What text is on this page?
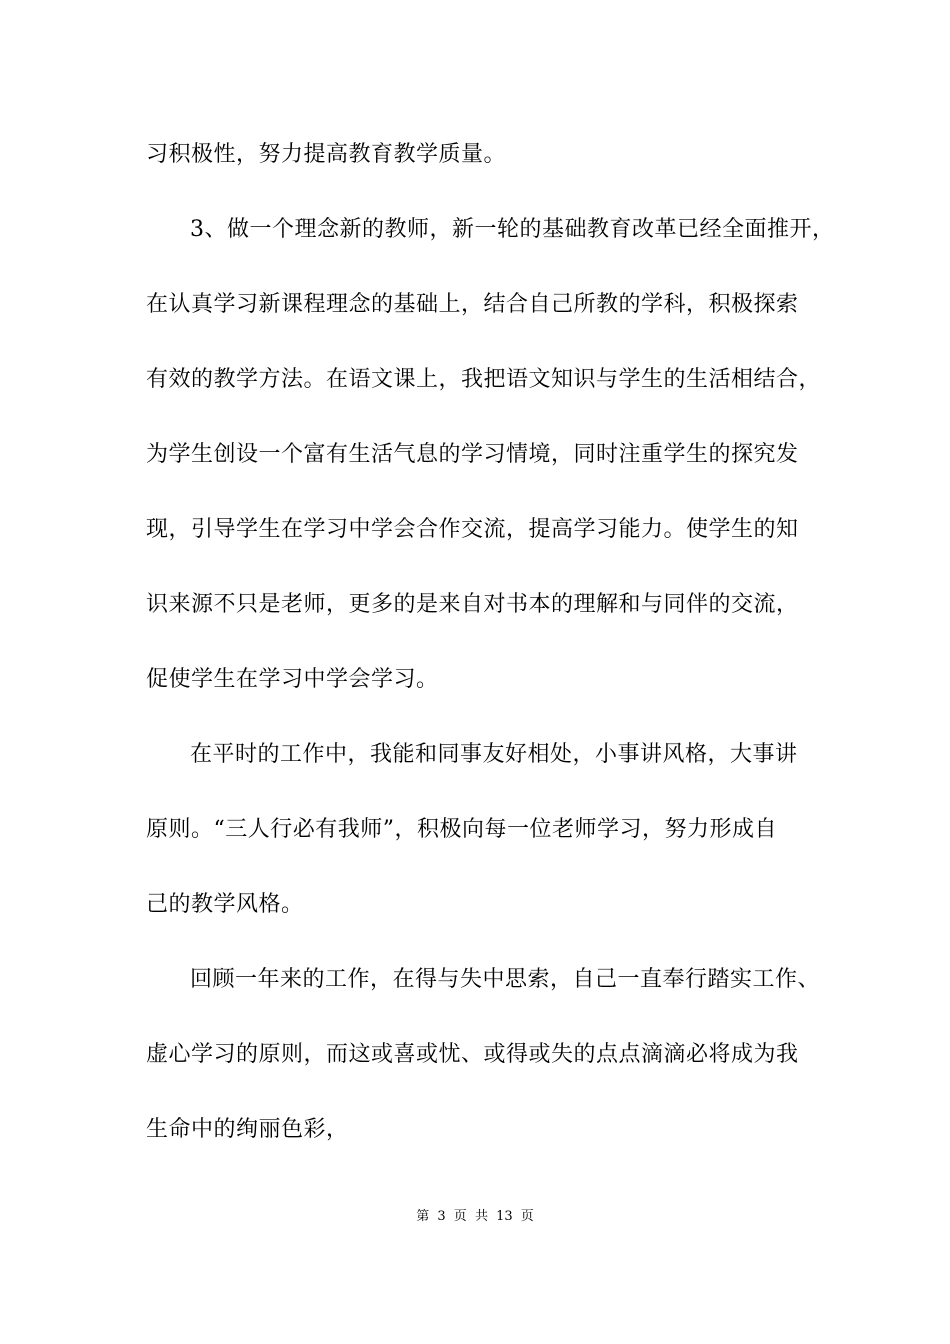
习积极性，努力提高教育教学质量。
3、做一个理念新的教师，新一轮的基础教育改革已经全面推开，
在认真学习新课程理念的基础上，结合自己所教的学科，积极探索
有效的教学方法。在语文课上，我把语文知识与学生的生活相结合，
为学生创设一个富有生活气息的学习情境，同时注重学生的探究发
现，引导学生在学习中学会合作交流，提高学习能力。使学生的知
识来源不只是老师，更多的是来自对书本的理解和与同伴的交流，
促使学生在学习中学会学习。
在平时的工作中，我能和同事友好相处，小事讲风格，大事讲
原则。“三人行必有我师”，积极向每一位老师学习，努力形成自
己的教学风格。
回顾一年来的工作，在得与失中思索，自己一直奉行踏实工作、
虚心学习的原则，而这或喜或忧、或得或失的点点滴滴必将成为我
生命中的绚丽色彩，
第 3 页 共 13 页
